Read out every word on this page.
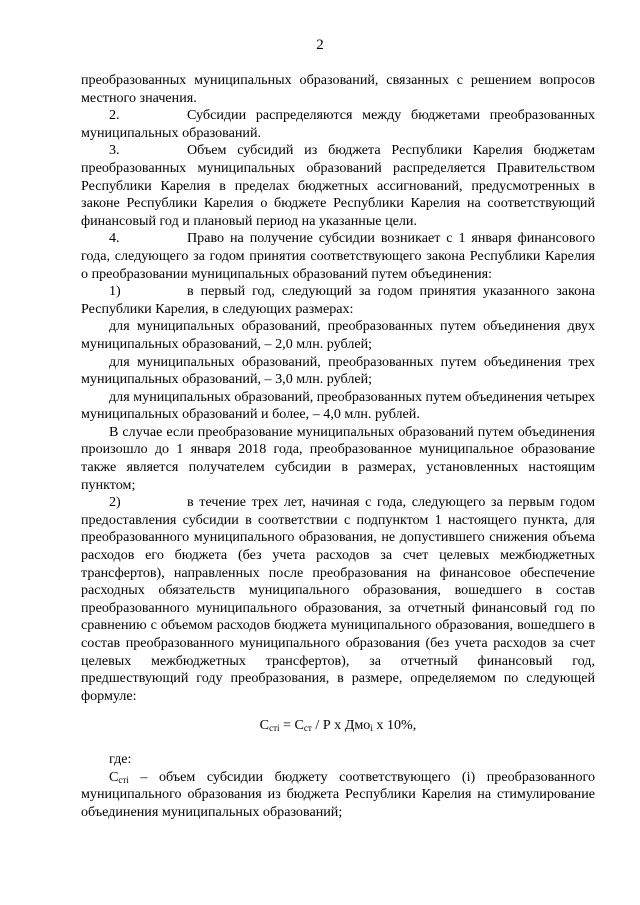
2

преобразованных муниципальных образований, связанных с решением вопросов местного значения.

2.	Субсидии распределяются между бюджетами преобразованных муниципальных образований.

3.	Объем субсидий из бюджета Республики Карелия бюджетам преобразованных муниципальных образований распределяется Правительством Республики Карелия в пределах бюджетных ассигнований, предусмотренных в законе Республики Карелия о бюджете Республики Карелия на соответствующий финансовый год и плановый период на указанные цели.

4.	Право на получение субсидии возникает с 1 января финансового года, следующего за годом принятия соответствующего закона Республики Карелия о преобразовании муниципальных образований путем объединения:

1)	в первый год, следующий за годом принятия указанного закона Республики Карелия, в следующих размерах:

для муниципальных образований, преобразованных путем объединения двух муниципальных образований, – 2,0 млн. рублей;

для муниципальных образований, преобразованных путем объединения трех муниципальных образований, – 3,0 млн. рублей;

для муниципальных образований, преобразованных путем объединения четырех муниципальных образований и более, – 4,0 млн. рублей.

В случае если преобразование муниципальных образований путем объединения произошло до 1 января 2018 года, преобразованное муниципальное образование также является получателем субсидии в размерах, установленных настоящим пунктом;

2)	в течение трех лет, начиная с года, следующего за первым годом предоставления субсидии в соответствии с подпунктом 1 настоящего пункта, для преобразованного муниципального образования, не допустившего снижения объема расходов его бюджета (без учета расходов за счет целевых межбюджетных трансфертов), направленных после преобразования на финансовое обеспечение расходных обязательств муниципального образования, вошедшего в состав преобразованного муниципального образования, за отчетный финансовый год по сравнению с объемом расходов бюджета муниципального образования, вошедшего в состав преобразованного муниципального образования (без учета расходов за счет целевых межбюджетных трансфертов), за отчетный финансовый год, предшествующий году преобразования, в размере, определяемом по следующей формуле:

$С_{сті} = С_{ст} / Р$ х Дмо$_і$ х 10%,

где:

$С_{сті}$ – объем субсидии бюджету соответствующего (і) преобразованного муниципального образования из бюджета Республики Карелия на стимулирование объединения муниципальных образований;
